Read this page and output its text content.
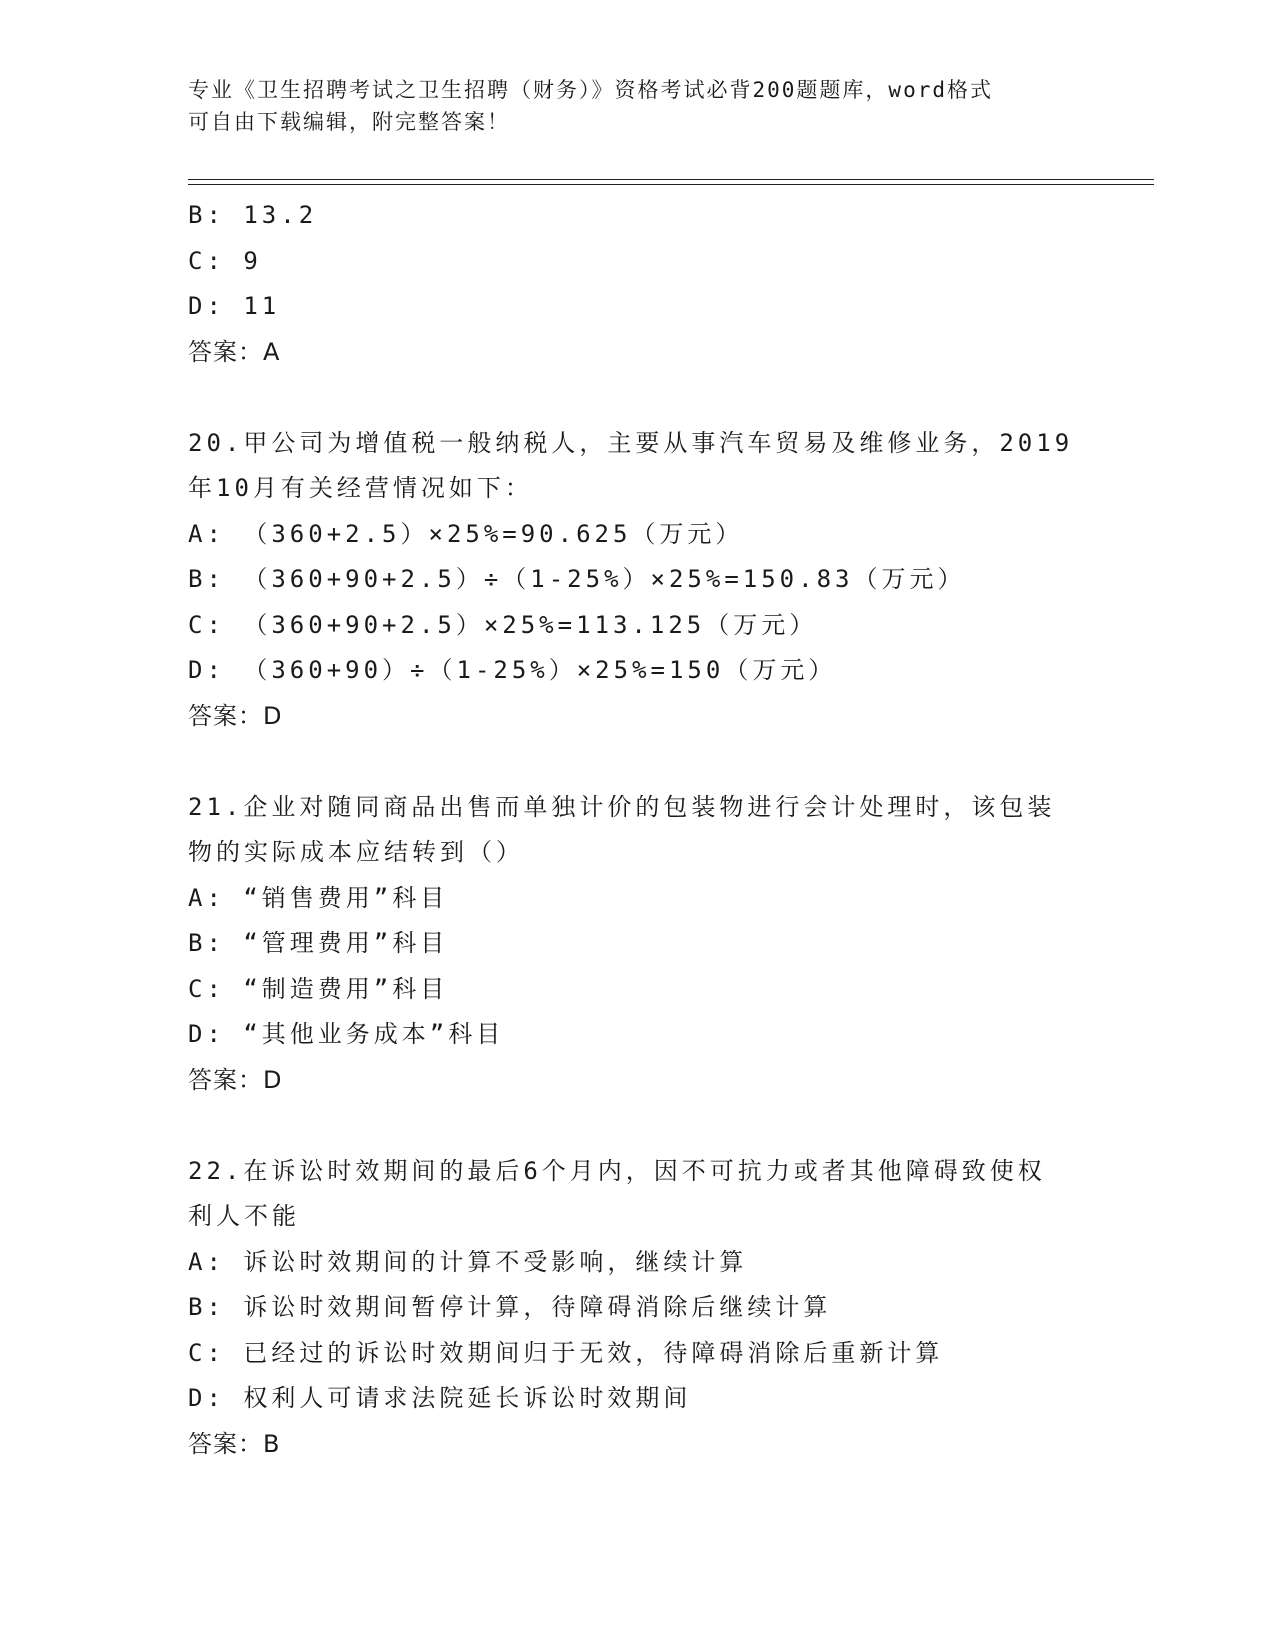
专业《卫生招聘考试之卫生招聘（财务）》资格考试必背200题题库，word格式
可自由下载编辑，附完整答案！
B: 13.2
C: 9
D: 11
答案：A
20.甲公司为增值税一般纳税人，主要从事汽车贸易及维修业务，2019
年10月有关经营情况如下：
A: （360+2.5）×25%=90.625（万元）
B: （360+90+2.5）÷（1-25%）×25%=150.83（万元）
C: （360+90+2.5）×25%=113.125（万元）
D: （360+90）÷（1-25%）×25%=150（万元）
答案：D
21.企业对随同商品出售而单独计价的包装物进行会计处理时，该包装
物的实际成本应结转到（）
A: “销售费用”科目
B: “管理费用”科目
C: “制造费用”科目
D: “其他业务成本”科目
答案：D
22.在诉讼时效期间的最后6个月内，因不可抗力或者其他障碍致使权
利人不能
A: 诉讼时效期间的计算不受影响，继续计算
B: 诉讼时效期间暂停计算，待障碍消除后继续计算
C: 已经过的诉讼时效期间归于无效，待障碍消除后重新计算
D: 权利人可请求法院延长诉讼时效期间
答案：B
